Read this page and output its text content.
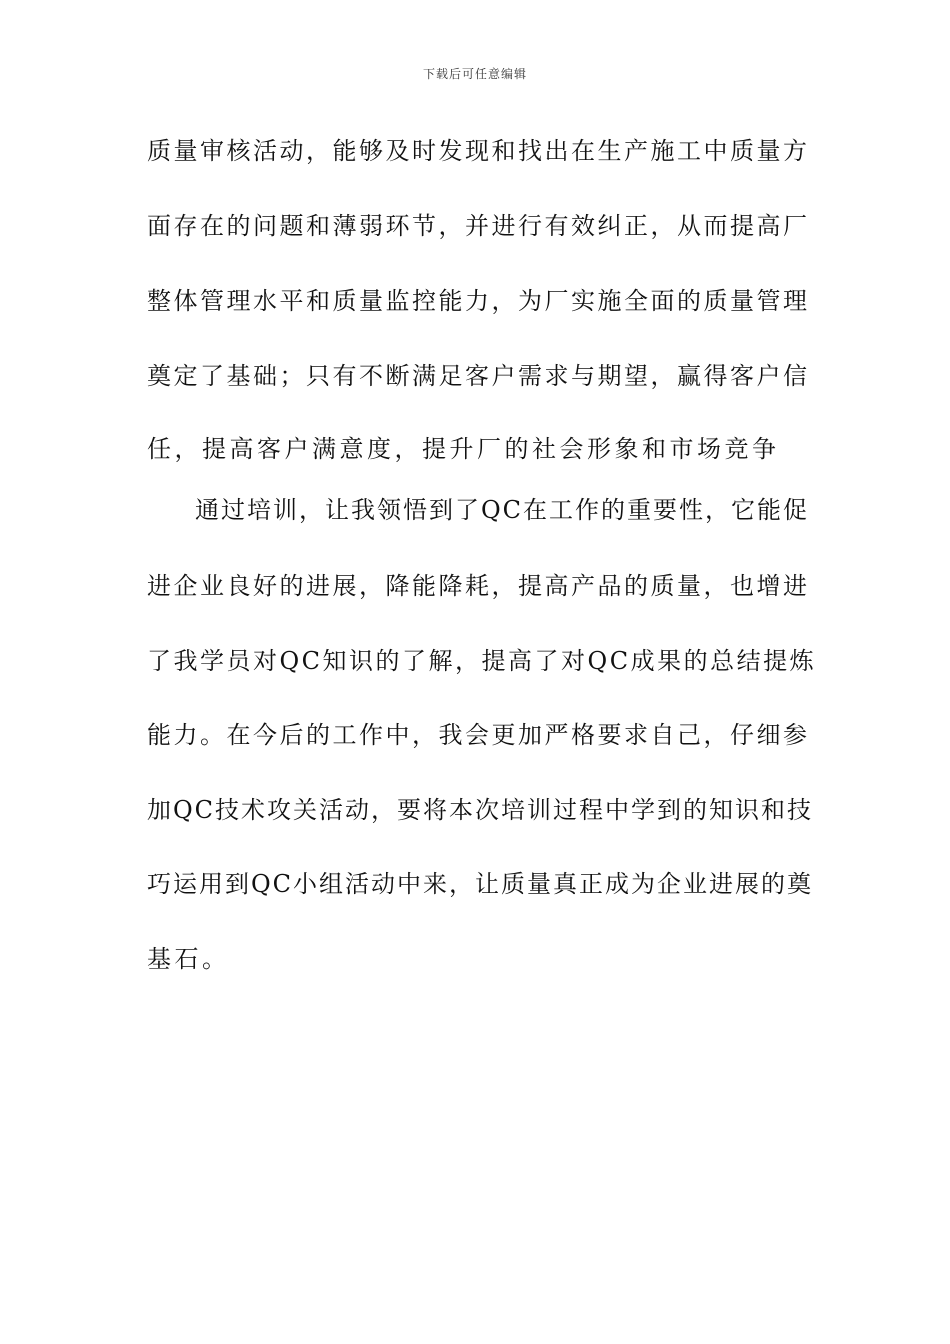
下载后可任意编辑
质量审核活动，能够及时发现和找出在生产施工中质量方
面存在的问题和薄弱环节，并进行有效纠正，从而提高厂
整体管理水平和质量监控能力，为厂实施全面的质量管理
奠定了基础；只有不断满足客户需求与期望，赢得客户信
任，提高客户满意度，提升厂的社会形象和市场竞争
通过培训，让我领悟到了QC在工作的重要性，它能促
进企业良好的进展，降能降耗，提高产品的质量，也增进
了我学员对QC知识的了解，提高了对QC成果的总结提炼
能力。在今后的工作中，我会更加严格要求自己，仔细参
加QC技术攻关活动，要将本次培训过程中学到的知识和技
巧运用到QC小组活动中来，让质量真正成为企业进展的奠
基石。
